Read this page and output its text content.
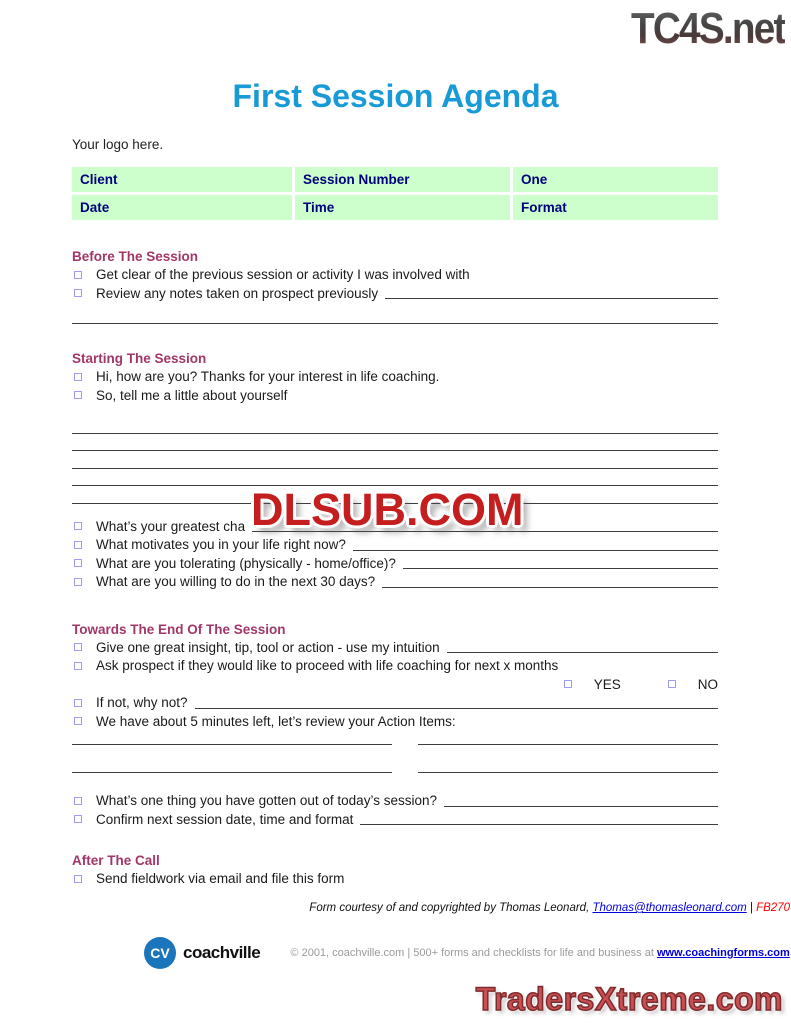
TC4S.net
First Session Agenda
Your logo here.
Client	Session Number	One
Date	Time	Format
Before The Session
Get clear of the previous session or activity I was involved with
Review any notes taken on prospect previously
Starting The Session
Hi, how are you? Thanks for your interest in life coaching.
So, tell me a little about yourself
What’s your greatest cha
What motivates you in your life right now?
What are you tolerating (physically - home/office)?
What are you willing to do in the next 30 days?
Towards The End Of The Session
Give one great insight, tip, tool or action - use my intuition
Ask prospect if they would like to proceed with life coaching for next x months
YES	NO
If not, why not?
We have about 5 minutes left, let’s review your Action Items:
What’s one thing you have gotten out of today’s session?
Confirm next session date, time and format
After The Call
Send fieldwork via email and file this form
Form courtesy of and copyrighted by Thomas Leonard, Thomas@thomasleonard.com | FB270
CV coachville	© 2001, coachville.com | 500+ forms and checklists for life and business at www.coachingforms.com
DLSUB.COM
TradersXtreme.com
